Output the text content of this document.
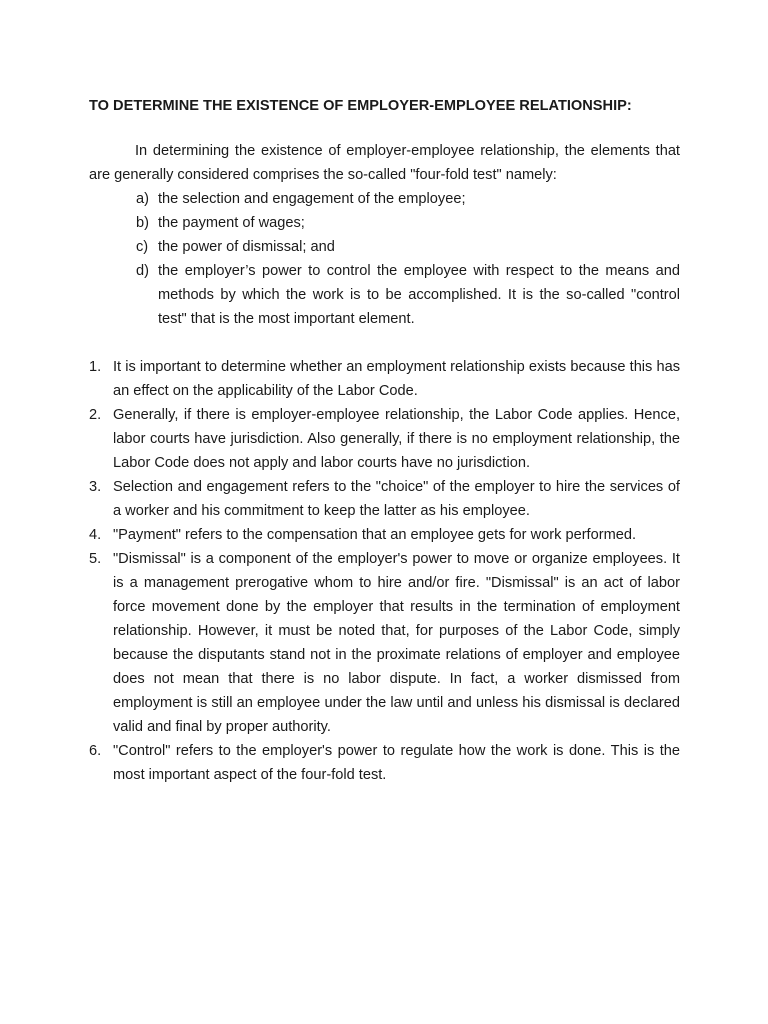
TO DETERMINE THE EXISTENCE OF EMPLOYER-EMPLOYEE RELATIONSHIP:

In determining the existence of employer-employee relationship, the elements that are generally considered comprises the so-called "four-fold test" namely:

a) the selection and engagement of the employee;
b) the payment of wages;
c) the power of dismissal; and
d) the employer’s power to control the employee with respect to the means and methods by which the work is to be accomplished. It is the so-called "control test" that is the most important element.
1. It is important to determine whether an employment relationship exists because this has an effect on the applicability of the Labor Code.
2. Generally, if there is employer-employee relationship, the Labor Code applies. Hence, labor courts have jurisdiction. Also generally, if there is no employment relationship, the Labor Code does not apply and labor courts have no jurisdiction.
3. Selection and engagement refers to the "choice" of the employer to hire the services of a worker and his commitment to keep the latter as his employee.
4. "Payment" refers to the compensation that an employee gets for work performed.
5. "Dismissal" is a component of the employer's power to move or organize employees. It is a management prerogative whom to hire and/or fire. "Dismissal" is an act of labor force movement done by the employer that results in the termination of employment relationship. However, it must be noted that, for purposes of the Labor Code, simply because the disputants stand not in the proximate relations of employer and employee does not mean that there is no labor dispute. In fact, a worker dismissed from employment is still an employee under the law until and unless his dismissal is declared valid and final by proper authority.
6. "Control" refers to the employer's power to regulate how the work is done. This is the most important aspect of the four-fold test.
